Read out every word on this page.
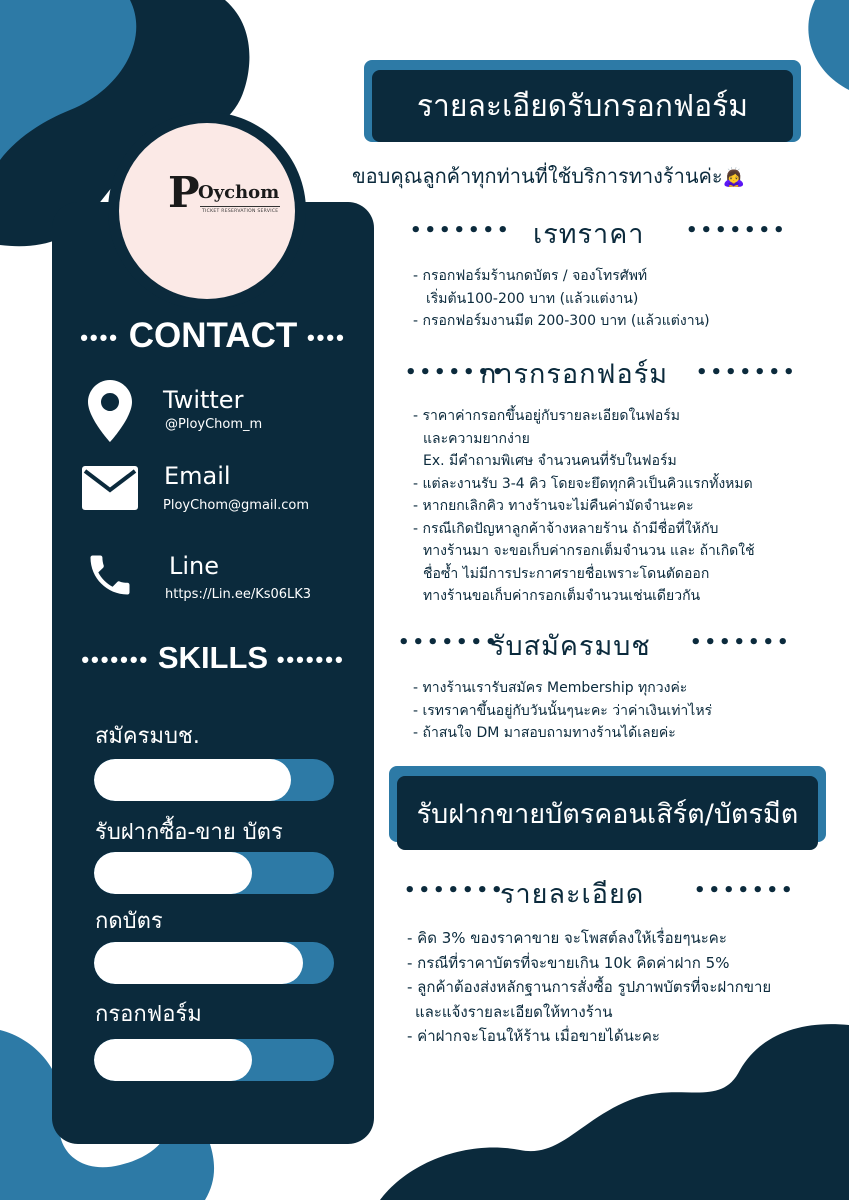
P
Oychom
TICKET RESERVATION SERVICE
•••• CONTACT ••••
Twitter
@PloyChom_m
Email
PloyChom@gmail.com
Line
https://Lin.ee/Ks06LK3
••••••• SKILLS •••••••
สมัครมบช.
รับฝากซื้อ-ขาย บัตร
กดบัตร
กรอกฟอร์ม
รายละเอียดรับกรอกฟอร์ม
ขอบคุณลูกค้าทุกท่านที่ใช้บริการทางร้านค่ะ🙇‍♀️
••••••• เรทราคา •••••••
- กรอกฟอร์มร้านกดบัตร / จองโทรศัพท์
เริ่มต้น100-200 บาท (แล้วแต่งาน)
- กรอกฟอร์มงานมีต 200-300 บาท (แล้วแต่งาน)
•••••••
การกรอกฟอร์ม •••••••
- ราคาค่ากรอกขึ้นอยู่กับรายละเอียดในฟอร์ม
และความยากง่าย
Ex. มีคำถามพิเศษ จำนวนคนที่รับในฟอร์ม
- แต่ละงานรับ 3-4 คิว โดยจะยึดทุกคิวเป็นคิวแรกทั้งหมด
- หากยกเลิกคิว ทางร้านจะไม่คืนค่ามัดจำนะคะ
- กรณีเกิดปัญหาลูกค้าจ้างหลายร้าน ถ้ามีชื่อที่ให้กับ
ทางร้านมา จะขอเก็บค่ากรอกเต็มจำนวน และ ถ้าเกิดใช้
ชื่อซ้ำ ไม่มีการประกาศรายชื่อเพราะโดนตัดออก
ทางร้านขอเก็บค่ากรอกเต็มจำนวนเช่นเดียวกัน
•••••••
รับสมัครมบช •••••••
- ทางร้านเรารับสมัคร Membership ทุกวงค่ะ
- เรทราคาขึ้นอยู่กับวันนั้นๆนะคะ ว่าค่าเงินเท่าไหร่
- ถ้าสนใจ DM มาสอบถามทางร้านได้เลยค่ะ
รับฝากขายบัตรคอนเสิร์ต/บัตรมีต
•••••••
รายละเอียด	•••••••
- คิด 3% ของราคาขาย จะโพสต์ลงให้เรื่อยๆนะคะ
- กรณีที่ราคาบัตรที่จะขายเกิน 10k คิดค่าฝาก 5%
- ลูกค้าต้องส่งหลักฐานการสั่งซื้อ รูปภาพบัตรที่จะฝากขาย
และแจ้งรายละเอียดให้ทางร้าน
- ค่าฝากจะโอนให้ร้าน เมื่อขายได้นะคะ
